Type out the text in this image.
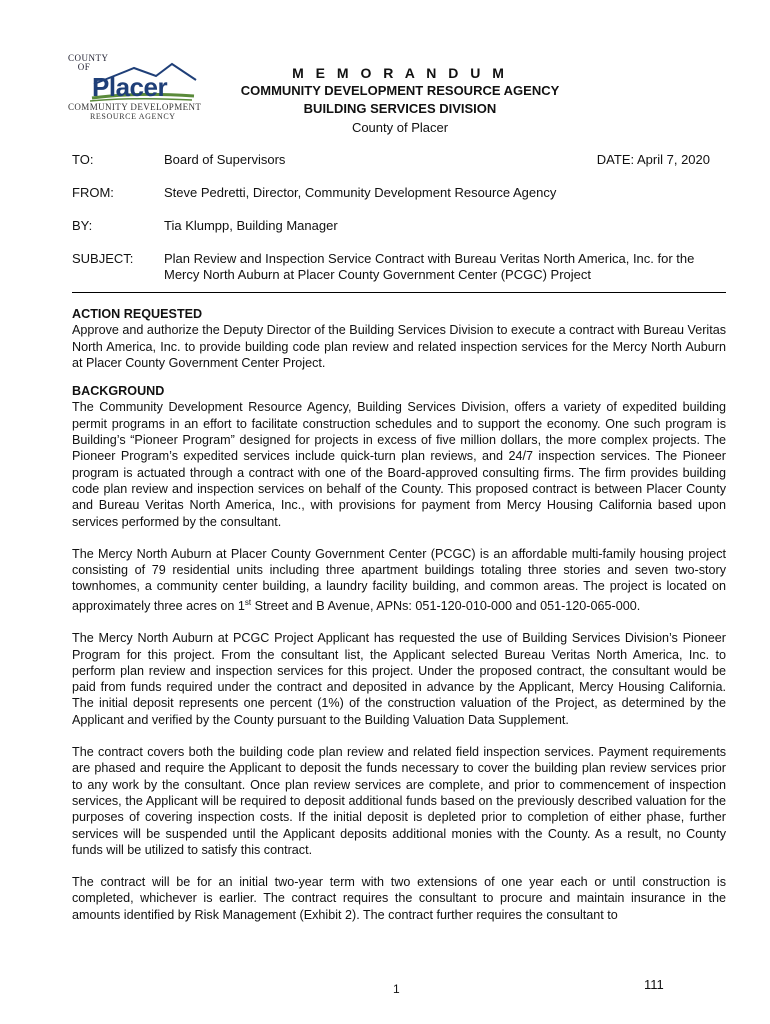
COUNTY
OF
Placer
COMMUNITY DEVELOPMENT
RESOURCE AGENCY
M E M O R A N D U M
COMMUNITY DEVELOPMENT RESOURCE AGENCY
BUILDING SERVICES DIVISION
County of Placer
TO:	Board of Supervisors	DATE: April 7, 2020
FROM:	Steve Pedretti, Director, Community Development Resource Agency
BY:	Tia Klumpp, Building Manager
SUBJECT:	Plan Review and Inspection Service Contract with Bureau Veritas North America, Inc. for the Mercy North Auburn at Placer County Government Center (PCGC) Project
ACTION REQUESTED

Approve and authorize the Deputy Director of the Building Services Division to execute a contract with Bureau Veritas North America, Inc. to provide building code plan review and related inspection services for the Mercy North Auburn at Placer County Government Center Project.

BACKGROUND

The Community Development Resource Agency, Building Services Division, offers a variety of expedited building permit programs in an effort to facilitate construction schedules and to support the economy. One such program is Building’s “Pioneer Program” designed for projects in excess of five million dollars, the more complex projects. The Pioneer Program’s expedited services include quick-turn plan reviews, and 24/7 inspection services. The Pioneer program is actuated through a contract with one of the Board-approved consulting firms. The firm provides building code plan review and inspection services on behalf of the County. This proposed contract is between Placer County and Bureau Veritas North America, Inc., with provisions for payment from Mercy Housing California based upon services performed by the consultant.

The Mercy North Auburn at Placer County Government Center (PCGC) is an affordable multi-family housing project consisting of 79 residential units including three apartment buildings totaling three stories and seven two-story townhomes, a community center building, a laundry facility building, and common areas. The project is located on approximately three acres on 1st Street and B Avenue, APNs: 051-120-010-000 and 051-120-065-000.

The Mercy North Auburn at PCGC Project Applicant has requested the use of Building Services Division’s Pioneer Program for this project. From the consultant list, the Applicant selected Bureau Veritas North America, Inc. to perform plan review and inspection services for this project. Under the proposed contract, the consultant would be paid from funds required under the contract and deposited in advance by the Applicant, Mercy Housing California. The initial deposit represents one percent (1%) of the construction valuation of the Project, as determined by the Applicant and verified by the County pursuant to the Building Valuation Data Supplement.

The contract covers both the building code plan review and related field inspection services. Payment requirements are phased and require the Applicant to deposit the funds necessary to cover the building plan review services prior to any work by the consultant. Once plan review services are complete, and prior to commencement of inspection services, the Applicant will be required to deposit additional funds based on the previously described valuation for the purposes of covering inspection costs. If the initial deposit is depleted prior to completion of either phase, further services will be suspended until the Applicant deposits additional monies with the County. As a result, no County funds will be utilized to satisfy this contract.

The contract will be for an initial two-year term with two extensions of one year each or until construction is completed, whichever is earlier. The contract requires the consultant to procure and maintain insurance in the amounts identified by Risk Management (Exhibit 2). The contract further requires the consultant to

1	111
